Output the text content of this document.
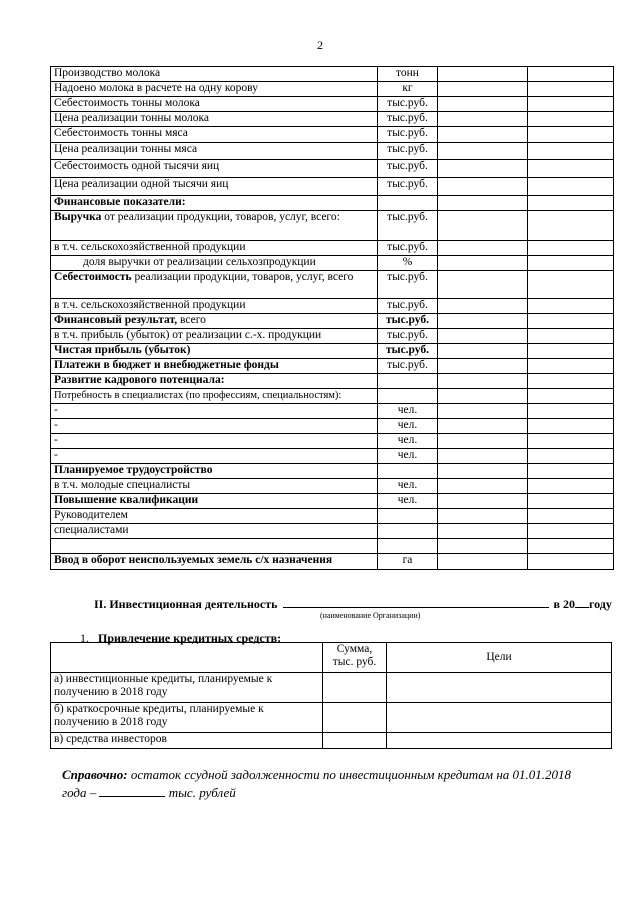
2
Производство молока	тонн		
Надоено молока в расчете на одну корову	кг		
Себестоимость тонны молока	тыс.руб.		
Цена реализации тонны молока	тыс.руб.		
Себестоимость тонны мяса	тыс.руб.		
Цена реализации тонны мяса	тыс.руб.		
Себестоимость одной тысячи яиц	тыс.руб.		
Цена реализации одной тысячи яиц	тыс.руб.		
Финансовые показатели:			
Выручка от реализации продукции, товаров, услуг, всего:	тыс.руб.		
в т.ч. сельскохозяйственной продукции	тыс.руб.		
доля выручки от реализации сельхозпродукции	%		
Себестоимость реализации продукции, товаров, услуг, всего	тыс.руб.		
в т.ч. сельскохозяйственной продукции	тыс.руб.		
Финансовый результат, всего	тыс.руб.		
в т.ч. прибыль (убыток) от реализации с.-х. продукции	тыс.руб.		
Чистая прибыль (убыток)	тыс.руб.		
Платежи в бюджет и внебюджетные фонды	тыс.руб.		
Развитие кадрового потенциала:			
Потребность в специалистах (по профессиям, специальностям):			
-	чел.		
-	чел.		
-	чел.		
-	чел.		
Планируемое трудоустройство			
в т.ч. молодые специалисты	чел.		
Повышение квалификации	чел.		
Руководителем			
специалистами			

Ввод в оборот неиспользуемых земель с/х назначения	га		
II. Инвестиционная деятельность	в 20 году
(наименование Организации)
1. Привлечение кредитных средств:
	Сумма, тыс. руб.	Цели
а) инвестиционные кредиты, планируемые к получению в 2018 году		
б) краткосрочные кредиты, планируемые к получению в 2018 году		
в) средства инвесторов		
Справочно: остаток ссудной задолженности по инвестиционным кредитам на 01.01.2018 года –	тыс. рублей
